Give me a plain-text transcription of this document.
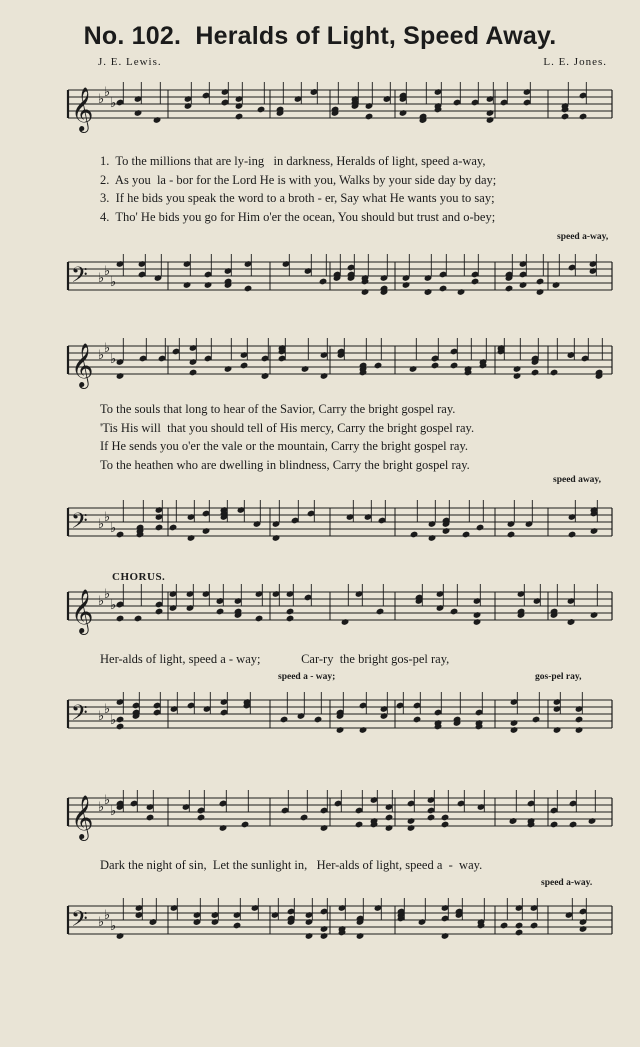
No. 102.  Heralds of Light, Speed Away.
J. E. Lewis.	L. E. Jones.
𝄞 ♭ ♭
♭
1.  To the millions that are ly-ing   in darkness, Heralds of light, speed a-way,
2.  As you  la - bor for the Lord He is with you, Walks by your side day by day;
3.  If he bids you speak the word to a broth - er, Say what He wants you to say;
4.  Tho' He bids you go for Him o'er the ocean, You should but trust and o-bey;
speed a-way,
𝄢 ♭ ♭
♭
𝄞 ♭ ♭
♭
To the souls that long to hear of the Savior, Carry the bright gospel ray.
'Tis His will  that you should tell of His mercy, Carry the bright gospel ray.
If He sends you o'er the vale or the mountain, Carry the bright gospel ray.
To the heathen who are dwelling in blindness, Carry the bright gospel ray.
speed away,
𝄢 ♭ ♭
♭
CHORUS.
𝄞 ♭ ♭
♭
Her-alds of light, speed a - way;             Car-ry  the bright gos-pel ray,
speed a - way;	gos-pel ray,
𝄢 ♭ ♭
♭
𝄞 ♭ ♭
♭
Dark the night of sin,  Let the sunlight in,   Her-alds of light, speed a  -  way.
speed a-way.
𝄢 ♭ ♭
♭
